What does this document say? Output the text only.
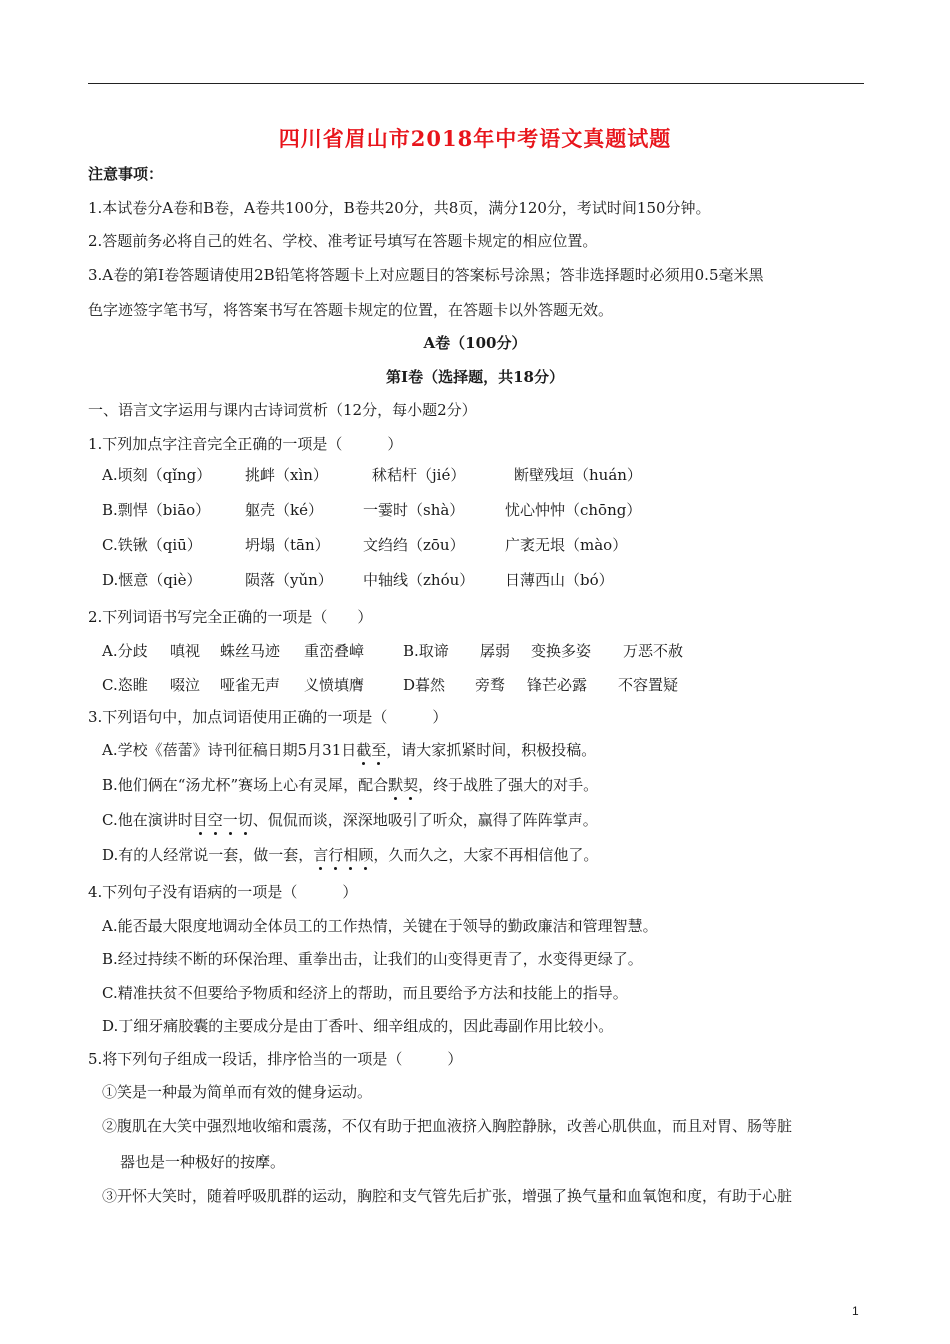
四川省眉山市2018年中考语文真题试题
注意事项：
1.本试卷分A卷和B卷，A卷共100分，B卷共20分，共8页，满分120分，考试时间150分钟。
2.答题前务必将自己的姓名、学校、准考证号填写在答题卡规定的相应位置。
3.A卷的第Ⅰ卷答题请使用2B铅笔将答题卡上对应题目的答案标号涂黑；答非选择题时必须用0.5毫米黑
色字迹签字笔书写，将答案书写在答题卡规定的位置，在答题卡以外答题无效。
A卷（100分）
第Ⅰ卷（选择题，共18分）
一、语言文字运用与课内古诗词赏析（12分，每小题2分）
1.下列加点字注音完全正确的一项是（　　　）
A.顷刻（qǐng） 挑衅（xìn）	秫秸杆（jié）	断壁残垣（huán）
B.剽悍（biāo） 躯壳（ké）	一霎时（shà）	忧心忡忡（chōng）
C.铁锹（qiū）	坍塌（tān） 文绉绉（zōu）	广袤无垠（mào）
D.惬意（qiè）	陨落（yǔn） 中轴线（zhóu） 日薄西山（bó）
2.下列词语书写完全正确的一项是（　　）
A.分歧 嗔视 蛛丝马迹 重峦叠嶂	B.取谛 孱弱 变换多姿 万恶不赦
C.恣睢 啜泣 哑雀无声 义愤填膺	D暮然 旁骛 锋芒必露 不容置疑
3.下列语句中，加点词语使用正确的一项是（　　　）
A.学校《蓓蕾》诗刊征稿日期5月31日截至，请大家抓紧时间，积极投稿。
B.他们俩在“汤尤杯”赛场上心有灵犀，配合默契，终于战胜了强大的对手。
C.他在演讲时目空一切、侃侃而谈，深深地吸引了听众，赢得了阵阵掌声。
D.有的人经常说一套，做一套，言行相顾，久而久之，大家不再相信他了。
4.下列句子没有语病的一项是（　　　）
A.能否最大限度地调动全体员工的工作热情，关键在于领导的勤政廉洁和管理智慧。
B.经过持续不断的环保治理、重拳出击，让我们的山变得更青了，水变得更绿了。
C.精准扶贫不但要给予物质和经济上的帮助，而且要给予方法和技能上的指导。
D.丁细牙痛胶囊的主要成分是由丁香叶、细辛组成的，因此毒副作用比较小。
5.将下列句子组成一段话，排序恰当的一项是（　　　）
①笑是一种最为简单而有效的健身运动。
②腹肌在大笑中强烈地收缩和震荡，不仅有助于把血液挤入胸腔静脉，改善心肌供血，而且对胃、肠等脏
器也是一种极好的按摩。
③开怀大笑时，随着呼吸肌群的运动，胸腔和支气管先后扩张，增强了换气量和血氧饱和度，有助于心脏
1
